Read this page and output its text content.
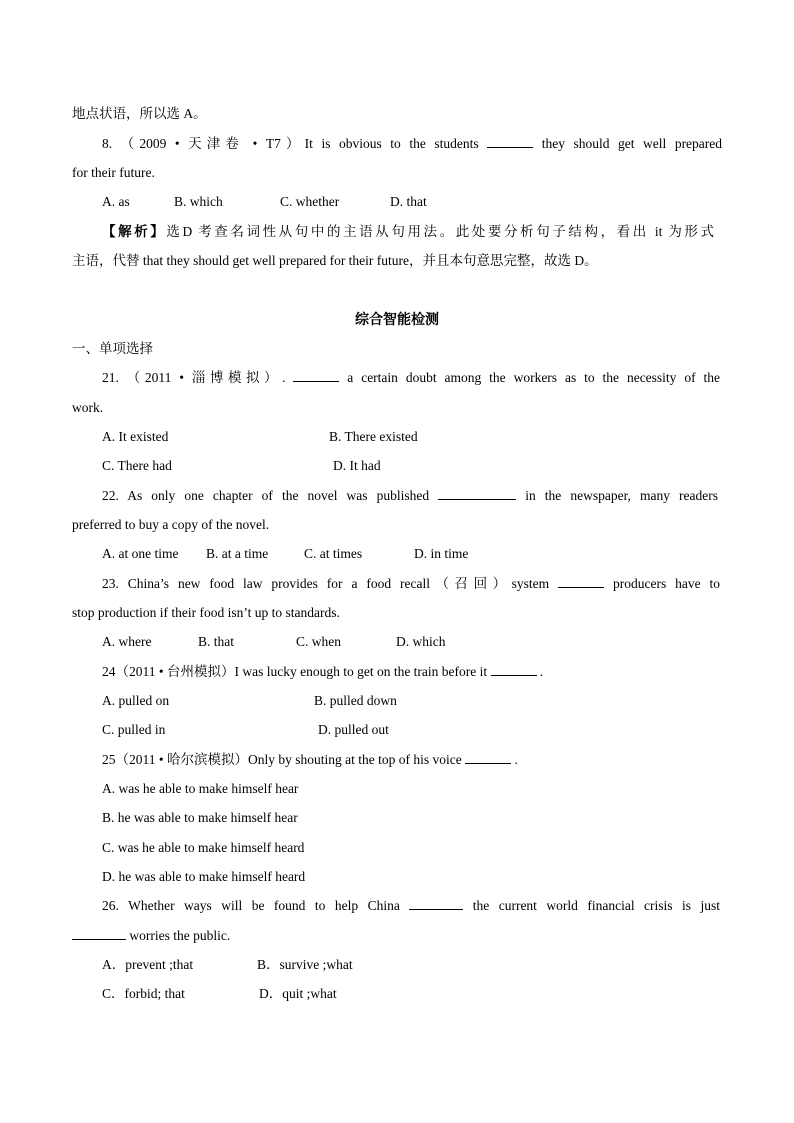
地点状语，所以选 A。
8. （2009 • 天津卷 • T7）It is obvious to the students	they should get well prepared
for their future.
A. as	B. which	C. whether	D. that
【解析】选D 考查名词性从句中的主语从句用法。此处要分析句子结构，看出 it 为形式
主语，代替 that they should get well prepared for their future，并且本句意思完整，故选 D。
综合智能检测
一、单项选择
21. （2011 • 淄博模拟）.	a certain doubt among the workers as to the necessity of the
work.
A. It existed	B. There existed
C. There had	D. It had
22. As only one chapter of the novel was published	in the newspaper, many readers
preferred to buy a copy of the novel.
A. at one time B. at a time	C. at times	D. in time
23. China’s new food law provides for a food recall（召回）system	producers have to
stop production if their food isn’t up to standards.
A. where	B. that	C. when	D. which
24（2011 • 台州模拟）I was lucky enough to get on the train before it	.
A. pulled on	B. pulled down
C. pulled in	D. pulled out
25（2011 • 哈尔滨模拟）Only by shouting at the top of his voice	.
A. was he able to make himself hear
B. he was able to make himself hear
C. was he able to make himself heard
D. he was able to make himself heard
26. Whether ways will be found to help China	the current world financial crisis is just
worries the public.
A．prevent ;that	B．survive ;what
C．forbid; that	D．quit ;what
